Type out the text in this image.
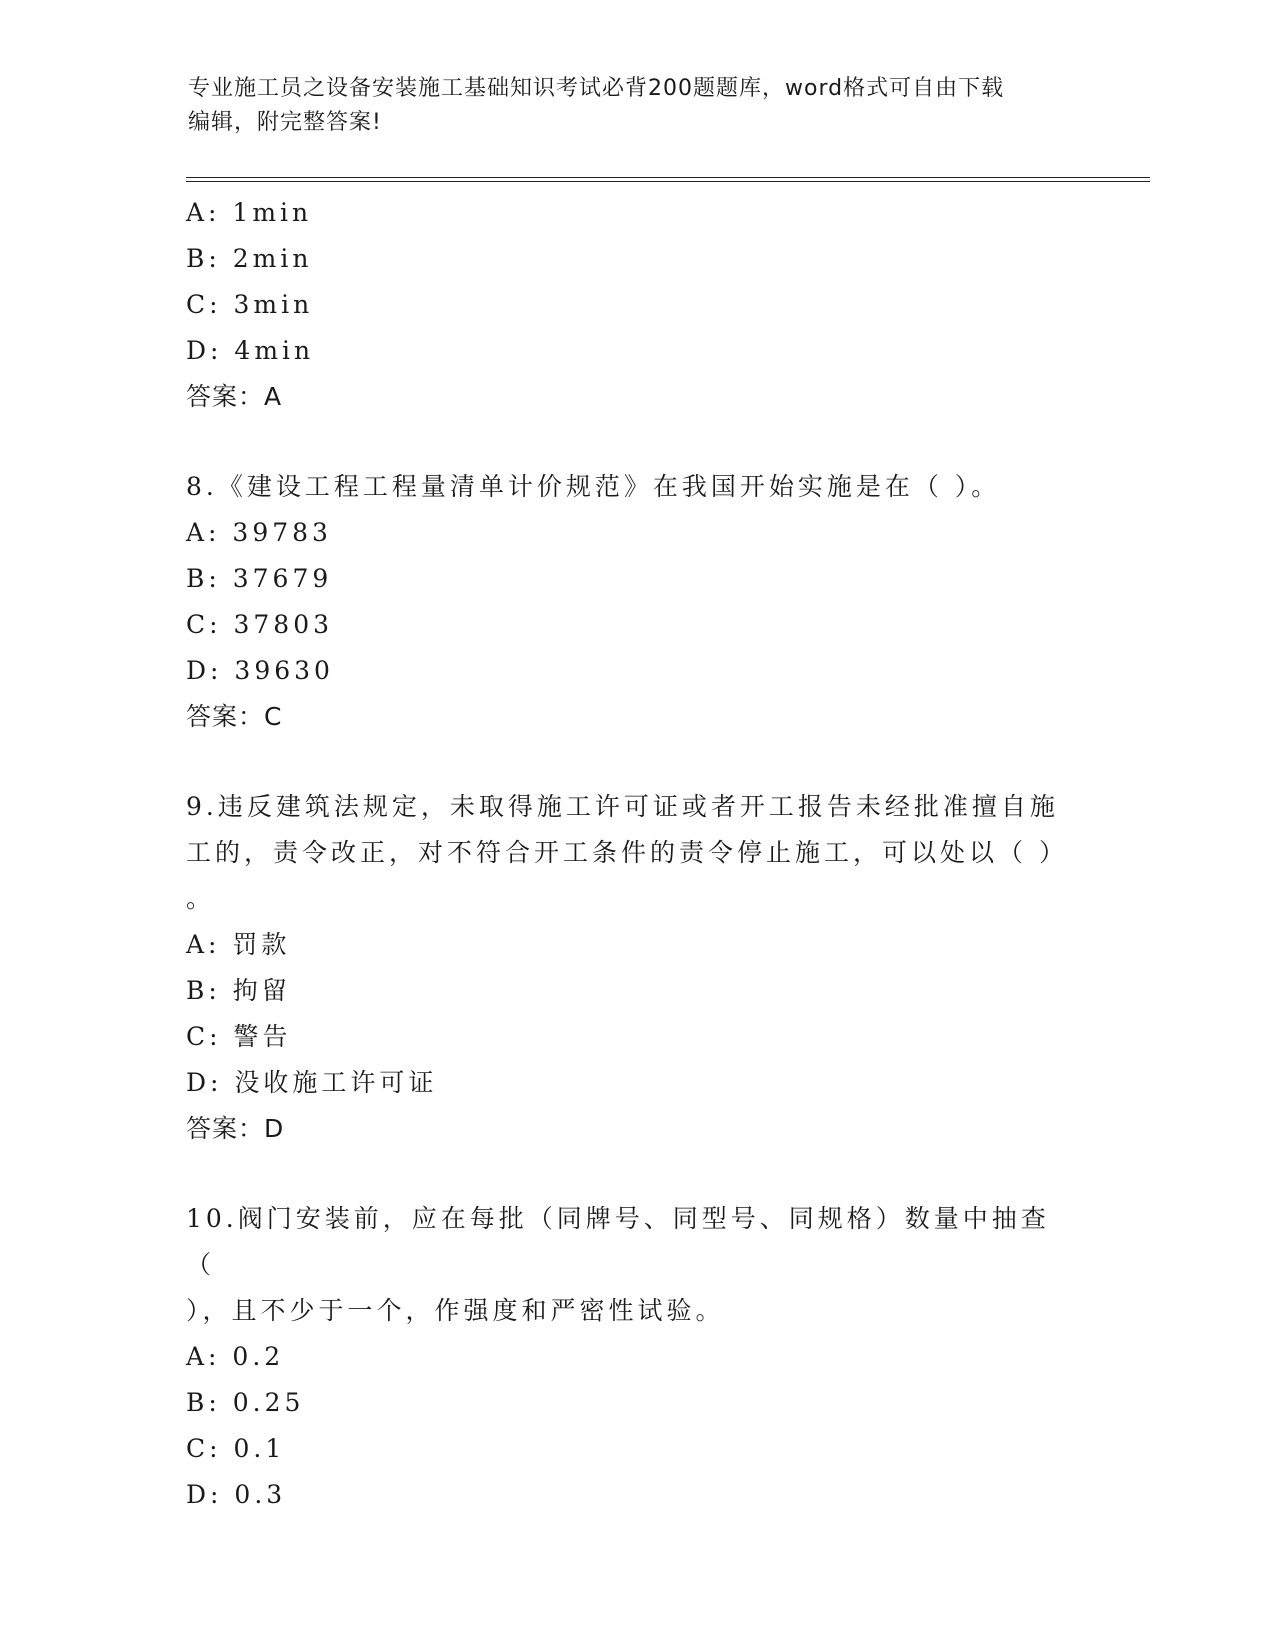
专业施工员之设备安装施工基础知识考试必背200题题库，word格式可自由下载
编辑，附完整答案!
A: 1min
B: 2min
C: 3min
D: 4min
答案：A
8.《建设工程工程量清单计价规范》在我国开始实施是在（ ）。
A: 39783
B: 37679
C: 37803
D: 39630
答案：C
9.违反建筑法规定，未取得施工许可证或者开工报告未经批准擅自施
工的，责令改正，对不符合开工条件的责令停止施工，可以处以（ ）
。
A: 罚款
B: 拘留
C: 警告
D: 没收施工许可证
答案：D
10.阀门安装前，应在每批（同牌号、同型号、同规格）数量中抽查（
），且不少于一个，作强度和严密性试验。
A: 0.2
B: 0.25
C: 0.1
D: 0.3
